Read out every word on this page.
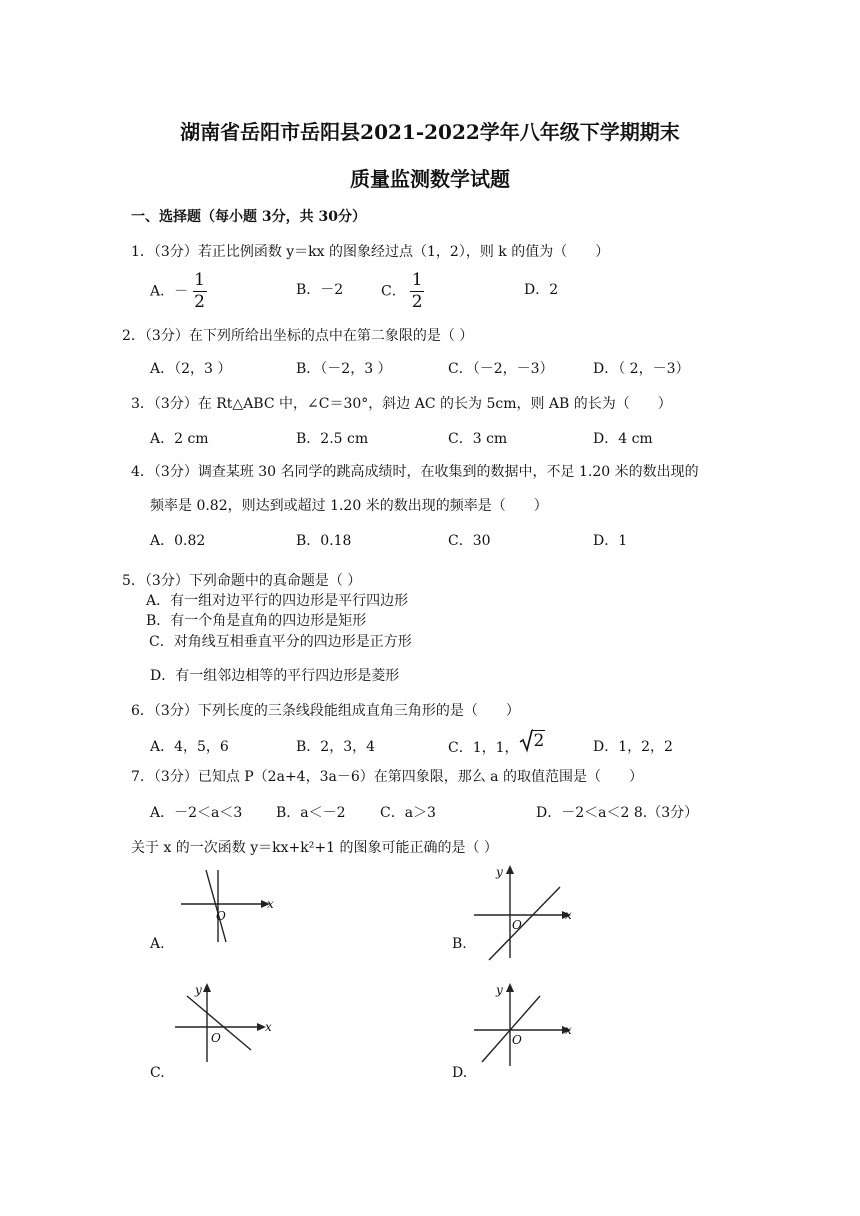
湖南省岳阳市岳阳县2021-2022学年八年级下学期期末
质量监测数学试题
一、选择题（每小题 3分，共 30分）
1．（3分）若正比例函数 y＝kx 的图象经过点（1，2），则 k 的值为（　　）
A．－ $\frac{1}{2}$	B．－2	C． $\frac{1}{2}$	D．2
2．（3分）在下列所给出坐标的点中在第二象限的是（ ）
A．（2，3 ）	B．（－2，3 ）	C．（－2，－3）	D．（ 2，－3）
3．（3分）在 Rt△ABC 中，∠C＝30°，斜边 AC 的长为 5cm，则 AB 的长为（　　）
A．2 cm	B．2.5 cm	C．3 cm	D．4 cm
4．（3分）调查某班 30 名同学的跳高成绩时，在收集到的数据中，不足 1.20 米的数出现的
频率是 0.82，则达到或超过 1.20 米的数出现的频率是（　　）
A．0.82	B．0.18	C．30	D．1
5．（3分）下列命题中的真命题是（ ）
A．有一组对边平行的四边形是平行四边形
B．有一个角是直角的四边形是矩形
C．对角线互相垂直平分的四边形是正方形
D．有一组邻边相等的平行四边形是菱形
6．（3分）下列长度的三条线段能组成直角三角形的是（　　）
A．4，5，6	B．2，3，4	C．1，1， 2	D．1，2，2
7．（3分）已知点 P（2a+4，3a－6）在第四象限，那么 a 的取值范围是（　　）
A．－2＜a＜3 B．a＜－2 C．a＞3	D．－2＜a＜2 8.（3分）
关于 x 的一次函数 y＝kx+k²+1 的图象可能正确的是（ ）
x
O
A.
y
x
O
B.
y
x
O
C.
y
x
O
D.
